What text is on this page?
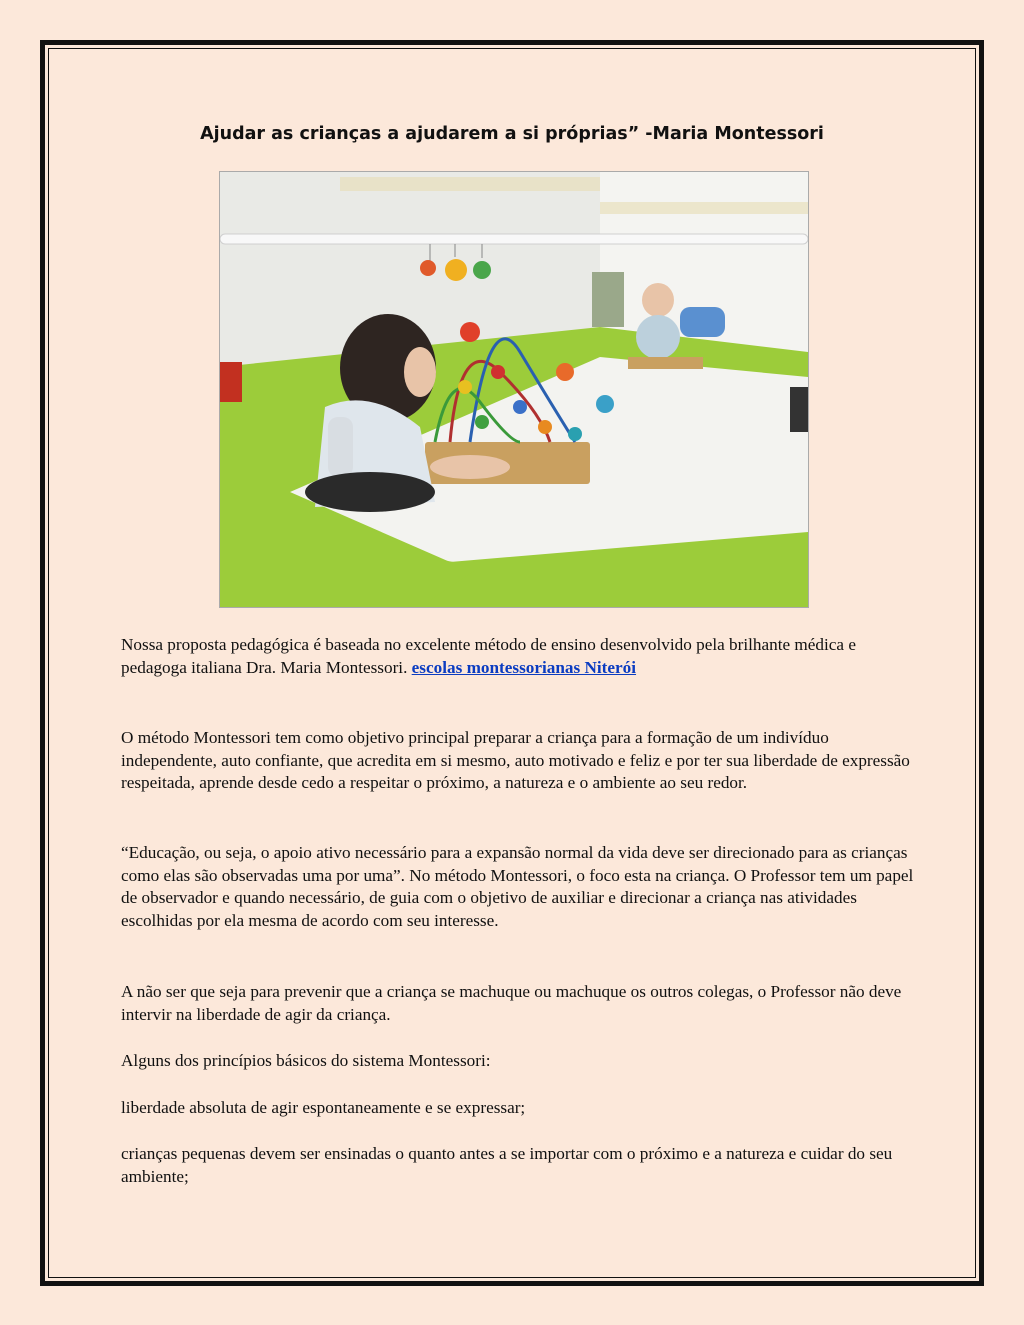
Ajudar as crianças a ajudarem a si próprias” -Maria Montessori

Nossa proposta pedagógica é baseada no excelente método de ensino desenvolvido pela brilhante médica e pedagoga italiana Dra. Maria Montessori. escolas montessorianas Niterói

O método Montessori tem como objetivo principal preparar a criança para a formação de um indivíduo independente, auto confiante, que acredita em si mesmo, auto motivado e feliz e por ter sua liberdade de expressão respeitada, aprende desde cedo a respeitar o próximo, a natureza e o ambiente ao seu redor.

“Educação, ou seja, o apoio ativo necessário para a expansão normal da vida deve ser direcionado para as crianças como elas são observadas uma por uma”. No método Montessori, o foco esta na criança. O Professor tem um papel de observador e quando necessário, de guia com o objetivo de auxiliar e direcionar a criança nas atividades escolhidas por ela mesma de acordo com seu interesse.

A não ser que seja para prevenir que a criança se machuque ou machuque os outros colegas, o Professor não deve intervir na liberdade de agir da criança.

Alguns dos princípios básicos do sistema Montessori:

liberdade absoluta de agir espontaneamente e se expressar;

crianças pequenas devem ser ensinadas o quanto antes a se importar com o próximo e a natureza e cuidar do seu ambiente;
